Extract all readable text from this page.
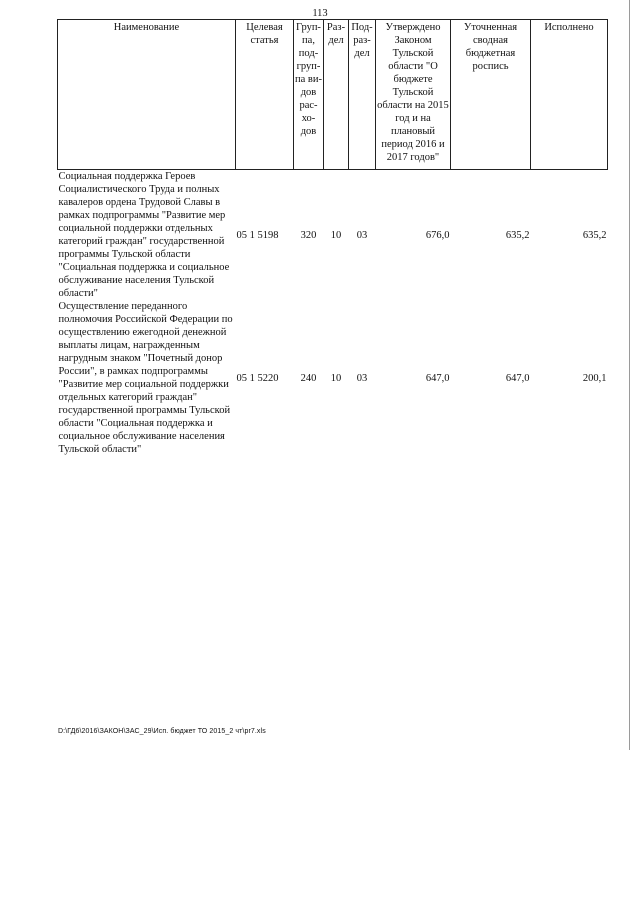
113
Наименование	Целевая статья	Груп-па, под-груп-па ви-дов рас-хо-дов	Раз-дел	Под-раз-дел	Утверждено Законом Тульской области "О бюджете Тульской области на 2015 год и на плановый период 2016 и 2017 годов"	Уточненная сводная бюджетная роспись	Исполнено
Социальная поддержка Героев Социалистического Труда и полных кавалеров ордена Трудовой Славы в рамках подпрограммы "Развитие мер социальной поддержки отдельных категорий граждан" государственной программы Тульской области "Социальная поддержка и социальное обслуживание населения Тульской области"	05 1 5198	320	10	03	676,0	635,2	635,2
Осуществление переданного полномочия Российской Федерации по осуществлению ежегодной денежной выплаты лицам, награжденным нагрудным знаком "Почетный донор России", в рамках подпрограммы "Развитие мер социальной поддержки отдельных категорий граждан" государственной программы Тульской области "Социальная поддержка и социальное обслуживание населения Тульской области"	05 1 5220	240	10	03	647,0	647,0	200,1
D:\ГД6\2016\ЗАКОН\ЗАС_29\Исп. бюджет ТО 2015_2 чт\pr7.xls
